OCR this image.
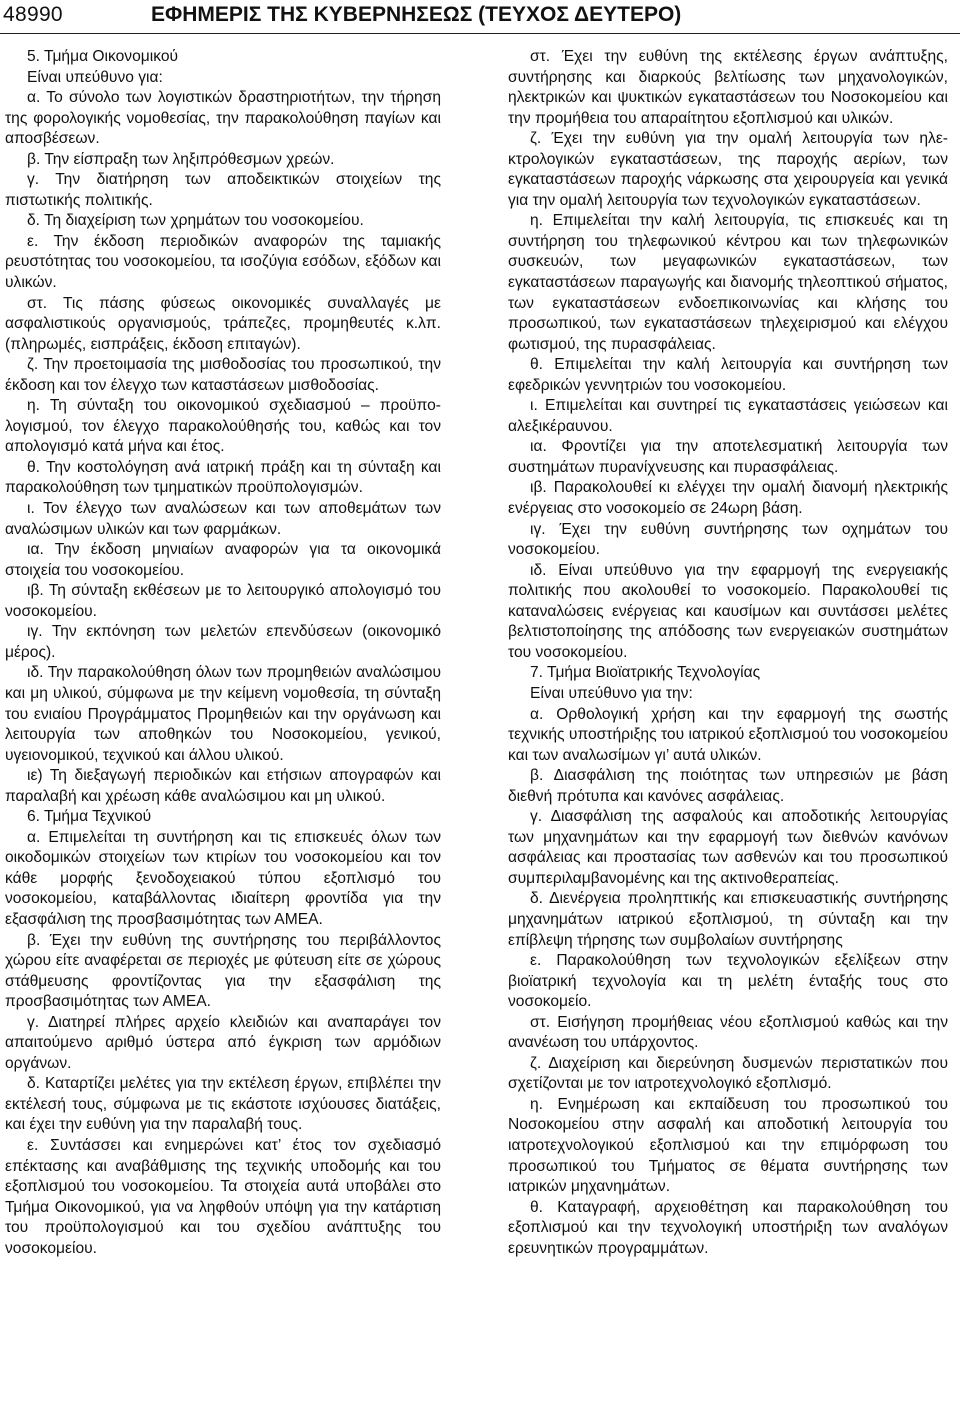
48990	ΕΦΗΜΕΡΙΣ ΤΗΣ ΚΥΒΕΡΝΗΣΕΩΣ (ΤΕΥΧΟΣ ΔΕΥΤΕΡΟ)

5. Τμήμα Οικονομικού

Είναι υπεύθυνο για:

α. Το σύνολο των λογιστικών δραστηριοτήτων, την τήρηση της φορολογικής νομοθεσίας, την παρακολούθηση παγίων και αποσβέσεων.

β. Την είσπραξη των ληξιπρόθεσμων χρεών.

γ. Την διατήρηση των αποδεικτικών στοιχείων της πιστωτικής πολιτικής.

δ. Τη διαχείριση των χρημάτων του νοσοκομείου.

ε. Την έκδοση περιοδικών αναφορών της ταμιακής ρευστότητας του νοσοκομείου, τα ισοζύγια εσόδων, εξόδων και υλικών.

στ. Τις πάσης φύσεως οικονομικές συναλλαγές με ασφαλιστικούς οργανισμούς, τράπεζες, προμηθευτές κ.λπ. (πληρωμές, εισπράξεις, έκδοση επιταγών).

ζ. Την προετοιμασία της μισθοδοσίας του προσωπικού, την έκδοση και τον έλεγχο των καταστάσεων μισθοδοσίας.

η. Τη σύνταξη του οικονομικού σχεδιασμού – προϋπολογισμού, τον έλεγχο παρακολούθησής του, καθώς και τον απολογισμό κατά μήνα και έτος.

θ. Την κοστολόγηση ανά ιατρική πράξη και τη σύνταξη και παρακολούθηση των τμηματικών προϋπολογισμών.

ι. Τον έλεγχο των αναλώσεων και των αποθεμάτων των αναλώσιμων υλικών και των φαρμάκων.

ια. Την έκδοση μηνιαίων αναφορών για τα οικονομικά στοιχεία του νοσοκομείου.

ιβ. Τη σύνταξη εκθέσεων με το λειτουργικό απολογισμό του νοσοκομείου.

ιγ. Την εκπόνηση των μελετών επενδύσεων (οικονομικό μέρος).

ιδ. Την παρακολούθηση όλων των προμηθειών αναλώσιμου και μη υλικού, σύμφωνα με την κείμενη νομοθεσία, τη σύνταξη του ενιαίου Προγράμματος Προμηθειών και την οργάνωση και λειτουργία των αποθηκών του Νοσοκομείου, γενικού, υγειονομικού, τεχνικού και άλλου υλικού.

ιε) Τη διεξαγωγή περιοδικών και ετήσιων απογραφών και παραλαβή και χρέωση κάθε αναλώσιμου και μη υλικού.

6. Τμήμα Τεχνικού

α. Επιμελείται τη συντήρηση και τις επισκευές όλων των οικοδομικών στοιχείων των κτιρίων του νοσοκομείου και τον κάθε μορφής ξενοδοχειακού τύπου εξοπλισμό του νοσοκομείου, καταβάλλοντας ιδιαίτερη φροντίδα για την εξασφάλιση της προσβασιμότητας των ΑΜΕΑ.

β. Έχει την ευθύνη της συντήρησης του περιβάλλοντος χώρου είτε αναφέρεται σε περιοχές με φύτευση είτε σε χώρους στάθμευσης φροντίζοντας για την εξασφάλιση της προσβασιμότητας των ΑΜΕΑ.

γ. Διατηρεί πλήρες αρχείο κλειδιών και αναπαράγει τον απαιτούμενο αριθμό ύστερα από έγκριση των αρμόδιων οργάνων.

δ. Καταρτίζει μελέτες για την εκτέλεση έργων, επιβλέπει την εκτέλεσή τους, σύμφωνα με τις εκάστοτε ισχύουσες διατάξεις, και έχει την ευθύνη για την παραλαβή τους.

ε. Συντάσσει και ενημερώνει κατ’ έτος τον σχεδιασμό επέκτασης και αναβάθμισης της τεχνικής υποδομής και του εξοπλισμού του νοσοκομείου. Τα στοιχεία αυτά υποβάλει στο Τμήμα Οικονομικού, για να ληφθούν υπόψη για την κατάρτιση του προϋπολογισμού και του σχεδίου ανάπτυξης του νοσοκομείου.

στ. Έχει την ευθύνη της εκτέλεσης έργων ανάπτυξης, συντήρησης και διαρκούς βελτίωσης των μηχανολογικών, ηλεκτρικών και ψυκτικών εγκαταστάσεων του Νοσοκομείου και την προμήθεια του απαραίτητου εξοπλισμού και υλικών.

ζ. Έχει την ευθύνη για την ομαλή λειτουργία των ηλεκτρολογικών εγκαταστάσεων, της παροχής αερίων, των εγκαταστάσεων παροχής νάρκωσης στα χειρουργεία και γενικά για την ομαλή λειτουργία των τεχνολογικών εγκαταστάσεων.

η. Επιμελείται την καλή λειτουργία, τις επισκευές και τη συντήρηση του τηλεφωνικού κέντρου και των τηλεφωνικών συσκευών, των μεγαφωνικών εγκαταστάσεων, των εγκαταστάσεων παραγωγής και διανομής τηλεοπτικού σήματος, των εγκαταστάσεων ενδοεπικοινωνίας και κλήσης του προσωπικού, των εγκαταστάσεων τηλεχειρισμού και ελέγχου φωτισμού, της πυρασφάλειας.

θ. Επιμελείται την καλή λειτουργία και συντήρηση των εφεδρικών γεννητριών του νοσοκομείου.

ι. Επιμελείται και συντηρεί τις εγκαταστάσεις γειώσεων και αλεξικέραυνου.

ια. Φροντίζει για την αποτελεσματική λειτουργία των συστημάτων πυρανίχνευσης και πυρασφάλειας.

ιβ. Παρακολουθεί κι ελέγχει την ομαλή διανομή ηλεκτρικής ενέργειας στο νοσοκομείο σε 24ωρη βάση.

ιγ. Έχει την ευθύνη συντήρησης των οχημάτων του νοσοκομείου.

ιδ. Είναι υπεύθυνο για την εφαρμογή της ενεργειακής πολιτικής που ακολουθεί το νοσοκομείο. Παρακολουθεί τις καταναλώσεις ενέργειας και καυσίμων και συντάσσει μελέτες βελτιστοποίησης της απόδοσης των ενεργειακών συστημάτων του νοσοκομείου.

7. Τμήμα Βιοϊατρικής Τεχνολογίας

Είναι υπεύθυνο για την:

α. Ορθολογική χρήση και την εφαρμογή της σωστής τεχνικής υποστήριξης του ιατρικού εξοπλισμού του νοσοκομείου και των αναλωσίμων γι’ αυτά υλικών.

β. Διασφάλιση της ποιότητας των υπηρεσιών με βάση διεθνή πρότυπα και κανόνες ασφάλειας.

γ. Διασφάλιση της ασφαλούς και αποδοτικής λειτουργίας των μηχανημάτων και την εφαρμογή των διεθνών κανόνων ασφάλειας και προστασίας των ασθενών και του προσωπικού συμπεριλαμβανομένης και της ακτινοθεραπείας.

δ. Διενέργεια προληπτικής και επισκευαστικής συντήρησης μηχανημάτων ιατρικού εξοπλισμού, τη σύνταξη και την επίβλεψη τήρησης των συμβολαίων συντήρησης

ε. Παρακολούθηση των τεχνολογικών εξελίξεων στην βιοϊατρική τεχνολογία και τη μελέτη ένταξής τους στο νοσοκομείο.

στ. Εισήγηση προμήθειας νέου εξοπλισμού καθώς και την ανανέωση του υπάρχοντος.

ζ. Διαχείριση και διερεύνηση δυσμενών περιστατικών που σχετίζονται με τον ιατροτεχνολογικό εξοπλισμό.

η. Ενημέρωση και εκπαίδευση του προσωπικού του Νοσοκομείου στην ασφαλή και αποδοτική λειτουργία του ιατροτεχνολογικού εξοπλισμού και την επιμόρφωση του προσωπικού του Τμήματος σε θέματα συντήρησης των ιατρικών μηχανημάτων.

θ. Καταγραφή, αρχειοθέτηση και παρακολούθηση του εξοπλισμού και την τεχνολογική υποστήριξη των αναλόγων ερευνητικών προγραμμάτων.
